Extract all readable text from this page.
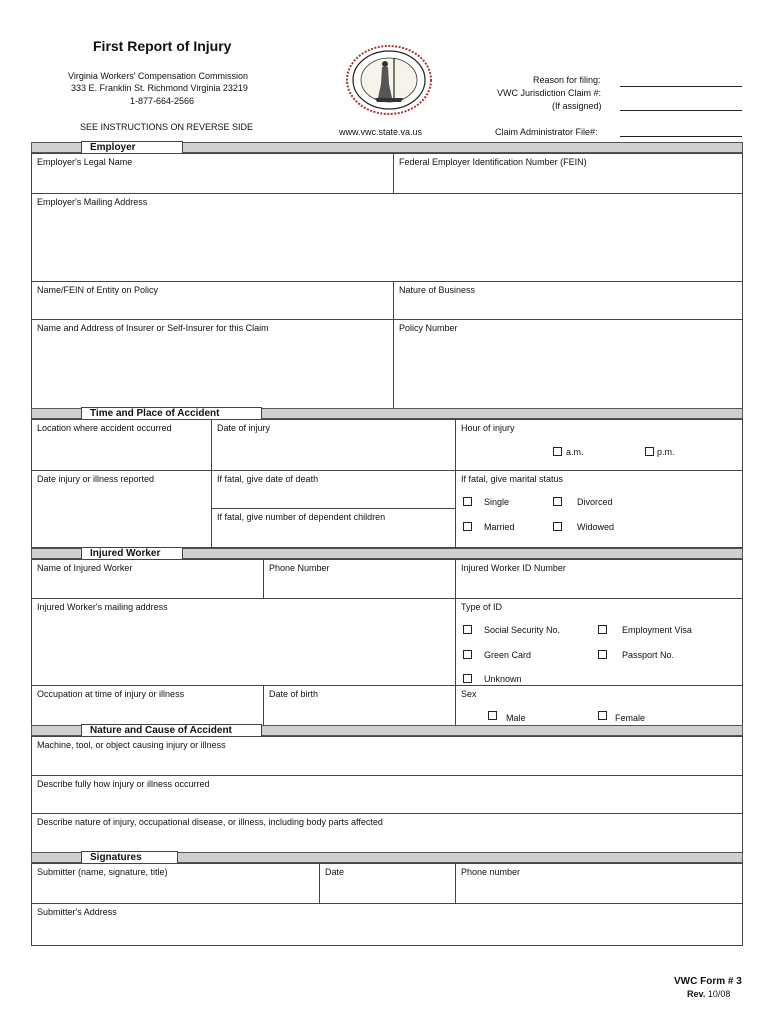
First Report of Injury
Virginia Workers' Compensation Commission
333 E. Franklin St. Richmond Virginia 23219
1-877-664-2566
SEE INSTRUCTIONS ON REVERSE SIDE	www.vwc.state.va.us
Reason for filing:
VWC Jurisdiction Claim #:
(If assigned)
Claim Administrator File#:
Employer
Employer's Legal Name	Federal Employer Identification Number (FEIN)
Employer's Mailing Address
Name/FEIN of Entity on Policy	Nature of Business
Name and Address of Insurer or Self-Insurer for this Claim	Policy Number
Time and Place of Accident
Location where accident occurred	Date of injury	Hour of injury
a.m.	p.m.
Date injury or illness reported	If fatal, give date of death
If fatal, give number of dependent children
If fatal, give marital status
Single	Divorced
Married	Widowed
Injured Worker
Name of Injured Worker	Phone Number	Injured Worker ID Number
Injured Worker's mailing address	Type of ID
Social Security No.	Employment Visa
Green Card	Passport No.
Unknown
Occupation at time of injury or illness	Date of birth	Sex
Male	Female
Nature and Cause of Accident
Machine, tool, or object causing injury or illness
Describe fully how injury or illness occurred
Describe nature of injury, occupational disease, or illness, including body parts affected
Signatures
Submitter (name, signature, title)	Date	Phone number
Submitter's Address
VWC Form # 3
Rev. 10/08
